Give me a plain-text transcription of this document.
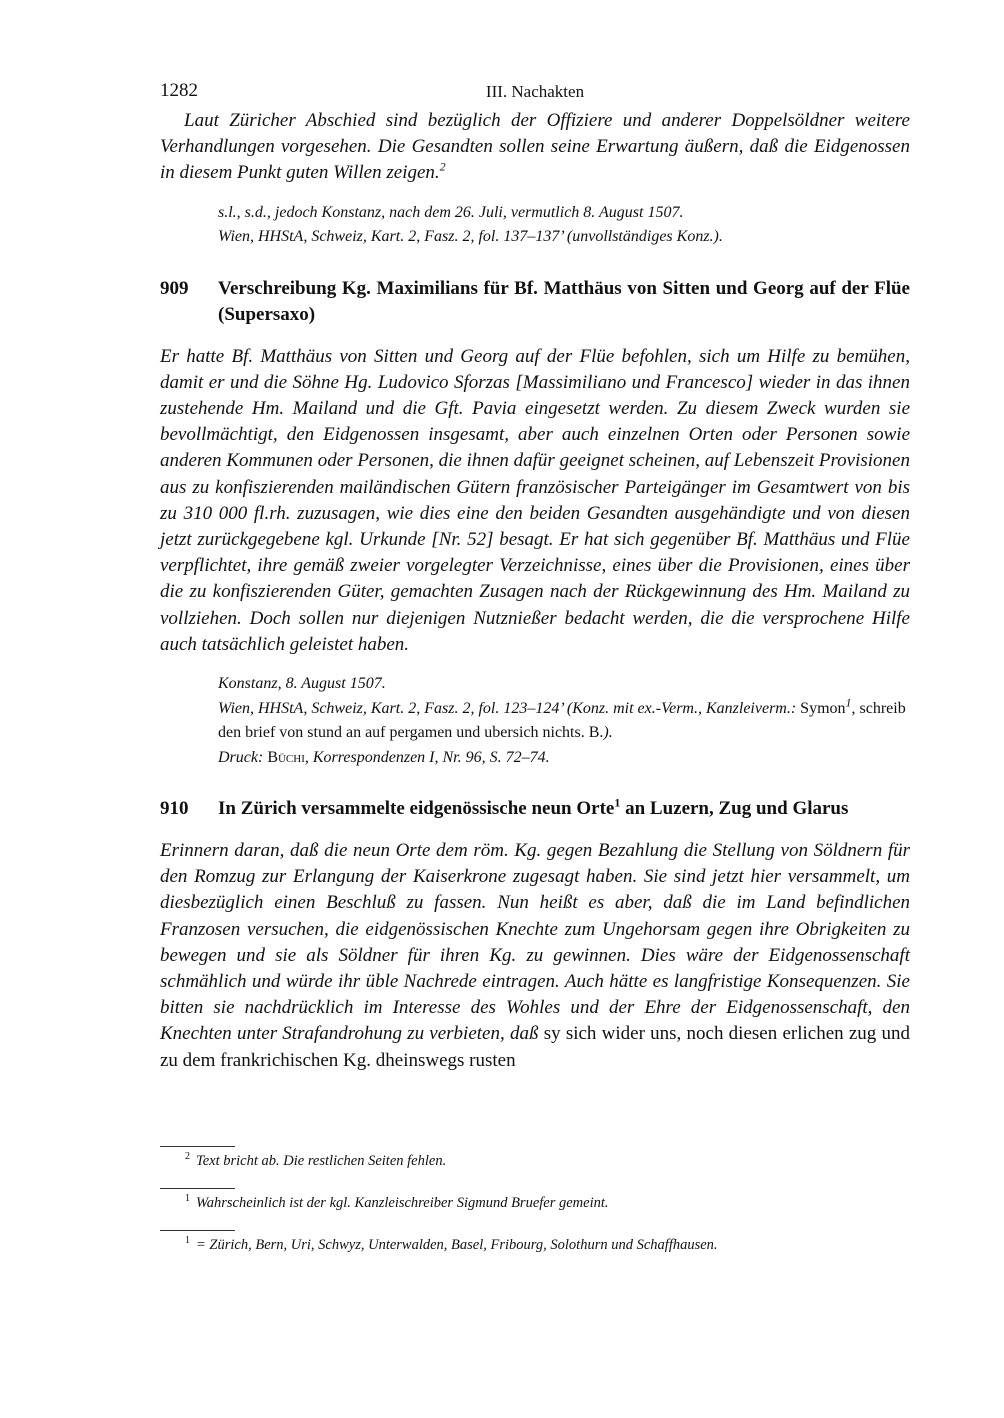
1282	III. Nachakten

Laut Züricher Abschied sind bezüglich der Offiziere und anderer Doppelsöldner weitere Verhandlungen vorgesehen. Die Gesandten sollen seine Erwartung äußern, daß die Eidgenossen in diesem Punkt guten Willen zeigen.$^2$

s.l., s.d., jedoch Konstanz, nach dem 26. Juli, vermutlich 8. August 1507.
Wien, HHStA, Schweiz, Kart. 2, Fasz. 2, fol. 137–137’ (unvollständiges Konz.).
909	Verschreibung Kg. Maximilians für Bf. Matthäus von Sitten und Georg auf der Flüe (Supersaxo)

Er hatte Bf. Matthäus von Sitten und Georg auf der Flüe befohlen, sich um Hilfe zu bemühen, damit er und die Söhne Hg. Ludovico Sforzas [Massimiliano und Francesco] wieder in das ihnen zustehende Hm. Mailand und die Gft. Pavia eingesetzt werden. Zu diesem Zweck wurden sie bevollmächtigt, den Eidgenossen insgesamt, aber auch einzelnen Orten oder Personen sowie anderen Kommunen oder Personen, die ihnen dafür geeignet scheinen, auf Lebenszeit Provisionen aus zu konfiszierenden mailändischen Gütern französischer Parteigänger im Gesamtwert von bis zu 310 000 fl.rh. zuzusagen, wie dies eine den beiden Gesandten ausgehändigte und von diesen jetzt zurückgegebene kgl. Urkunde [Nr. 52] besagt. Er hat sich gegenüber Bf. Matthäus und Flüe verpflichtet, ihre gemäß zweier vorgelegter Verzeichnisse, eines über die Provisionen, eines über die zu konfiszierenden Güter, gemachten Zusagen nach der Rückgewinnung des Hm. Mailand zu vollziehen. Doch sollen nur diejenigen Nutznießer bedacht werden, die die versprochene Hilfe auch tatsächlich geleistet haben.

Konstanz, 8. August 1507.
Wien, HHStA, Schweiz, Kart. 2, Fasz. 2, fol. 123–124’ (Konz. mit ex.-Verm., Kanzleiverm.: Symon$^1$, schreib den brief von stund an auf pergamen und ubersich nichts. B.).
Druck: Büchi, Korrespondenzen I, Nr. 96, S. 72–74.
910	In Zürich versammelte eidgenössische neun Orte$^1$ an Luzern, Zug und Glarus

Erinnern daran, daß die neun Orte dem röm. Kg. gegen Bezahlung die Stellung von Söldnern für den Romzug zur Erlangung der Kaiserkrone zugesagt haben. Sie sind jetzt hier versammelt, um diesbezüglich einen Beschluß zu fassen. Nun heißt es aber, daß die im Land befindlichen Franzosen versuchen, die eidgenössischen Knechte zum Ungehorsam gegen ihre Obrigkeiten zu bewegen und sie als Söldner für ihren Kg. zu gewinnen. Dies wäre der Eidgenossenschaft schmählich und würde ihr üble Nachrede eintragen. Auch hätte es langfristige Konsequenzen. Sie bitten sie nachdrücklich im Interesse des Wohles und der Ehre der Eidgenossenschaft, den Knechten unter Strafandrohung zu verbieten, daß sy sich wider uns, noch diesen erlichen zug und zu dem frankrichischen Kg. dheinswegs rusten

$^2$ Text bricht ab. Die restlichen Seiten fehlen.
$^1$ Wahrscheinlich ist der kgl. Kanzleischreiber Sigmund Bruefer gemeint.
$^1$ = Zürich, Bern, Uri, Schwyz, Unterwalden, Basel, Fribourg, Solothurn und Schaffhausen.
